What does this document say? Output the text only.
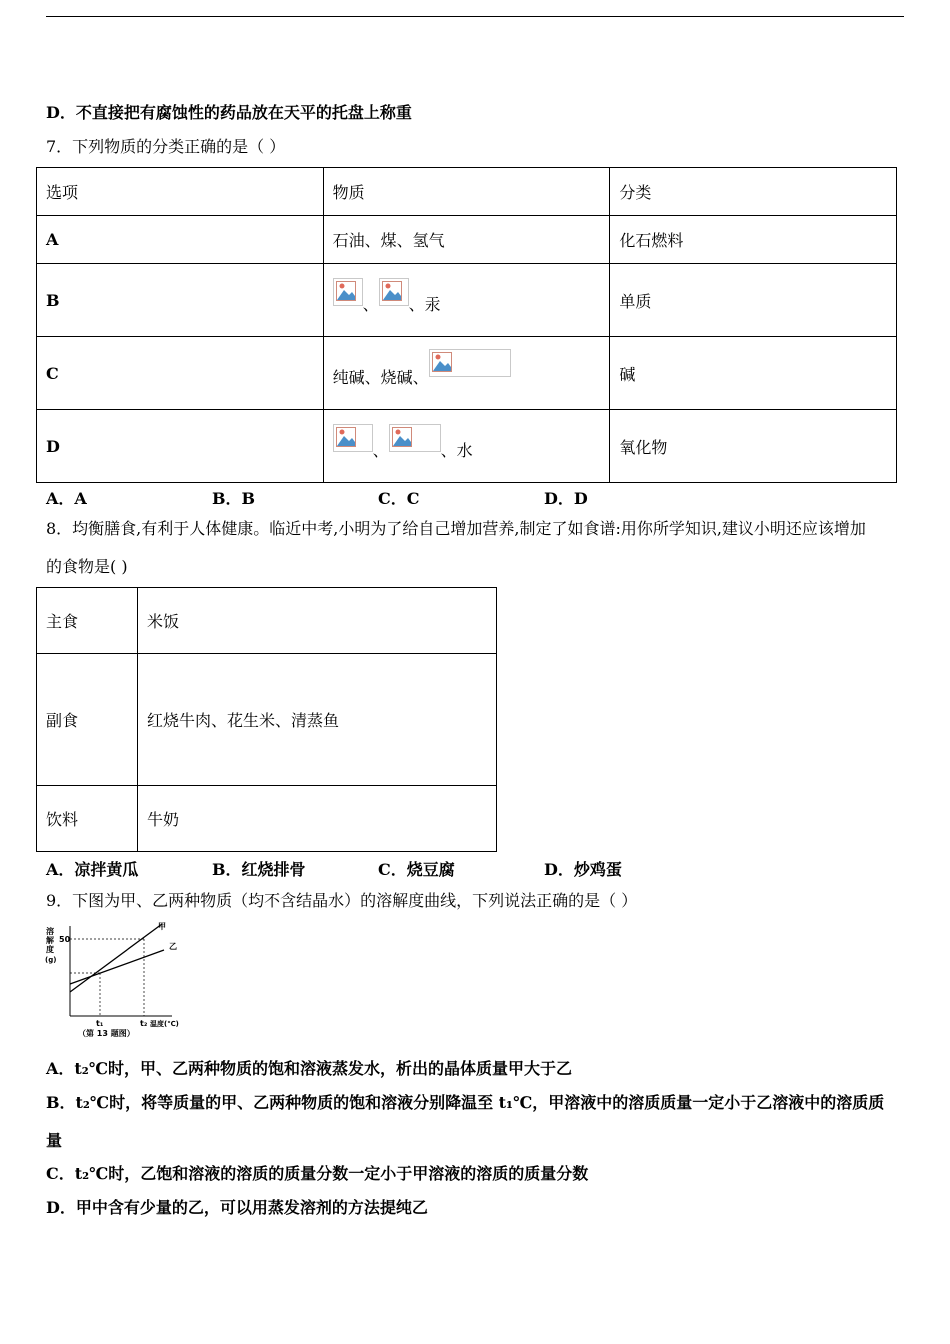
D．不直接把有腐蚀性的药品放在天平的托盘上称重
7．下列物质的分类正确的是（ ）
选项	物质	分类
A	石油、煤、氢气	化石燃料
B	、 、汞	单质
C	纯碱、烧碱、	碱
D	、 、水	氧化物
A．A	B．B	C．C	D．D
8．均衡膳食,有利于人体健康。临近中考,小明为了给自己增加营养,制定了如食谱:用你所学知识,建议小明还应该增加
的食物是( )
主食	米饭
副食	红烧牛肉、花生米、清蒸鱼
饮料	牛奶
A．凉拌黄瓜	B．红烧排骨	C．烧豆腐	D．炒鸡蛋
9．下图为甲、乙两种物质（均不含结晶水）的溶解度曲线，下列说法正确的是（ ）
溶
解
度
(g)
50
甲
乙
t₁	t₂ 温度(℃)
（第 13 题图）
A．t₂℃时，甲、乙两种物质的饱和溶液蒸发水，析出的晶体质量甲大于乙
B．t₂℃时，将等质量的甲、乙两种物质的饱和溶液分别降温至 t₁℃，甲溶液中的溶质质量一定小于乙溶液中的溶质质
量
C．t₂℃时，乙饱和溶液的溶质的质量分数一定小于甲溶液的溶质的质量分数
D．甲中含有少量的乙，可以用蒸发溶剂的方法提纯乙
